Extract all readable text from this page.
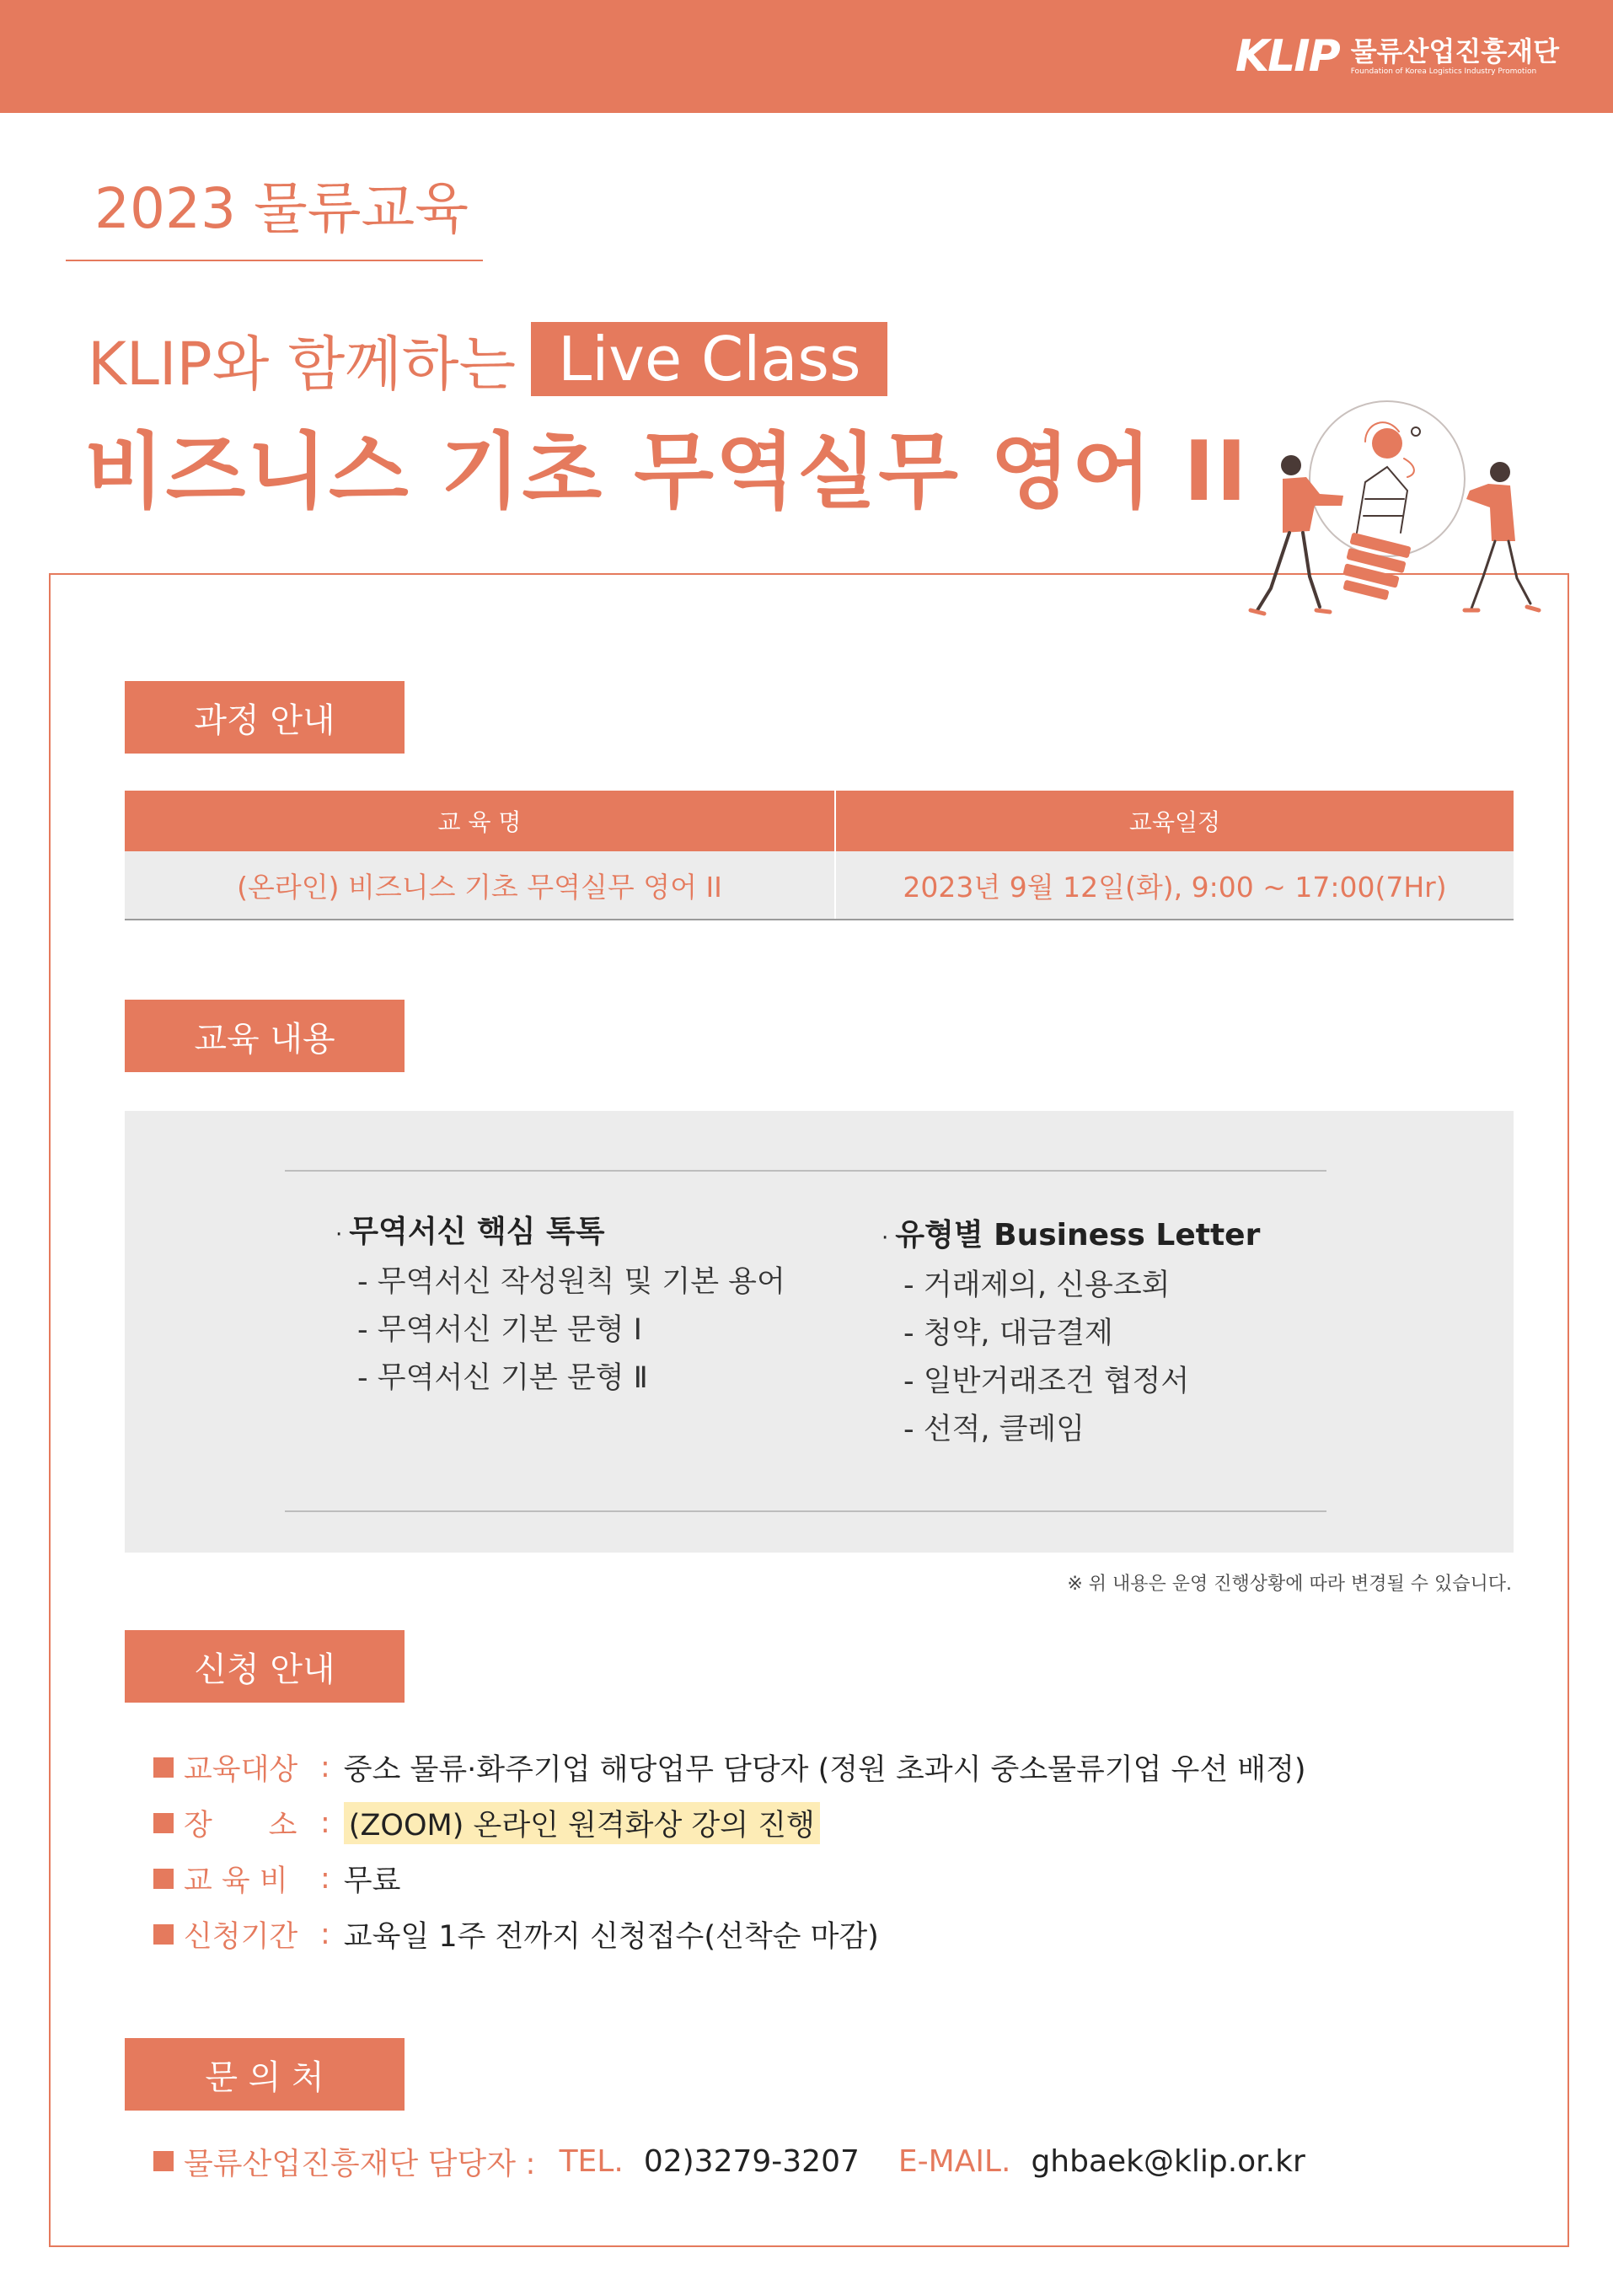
KLIP 물류산업진흥재단
Foundation of Korea Logistics Industry Promotion
2023 물류교육
KLIP와 함께하는 Live Class
비즈니스 기초 무역실무 영어 II
과정 안내
교 육 명	교육일정
(온라인) 비즈니스 기초 무역실무 영어 II	2023년 9월 12일(화), 9:00 ~ 17:00(7Hr)
교육 내용
· 무역서신 핵심 톡톡
- 무역서신 작성원칙 및 기본 용어
- 무역서신 기본 문형 Ⅰ
- 무역서신 기본 문형 Ⅱ
· 유형별 Business Letter
- 거래제의, 신용조회
- 청약, 대금결제
- 일반거래조건 협정서
- 선적, 클레임
※ 위 내용은 운영 진행상황에 따라 변경될 수 있습니다.
신청 안내
교육대상 : 중소 물류·화주기업 해당업무 담당자 (정원 초과시 중소물류기업 우선 배정)
장      소 : (ZOOM) 온라인 원격화상 강의 진행
교 육 비	: 무료
신청기간 : 교육일 1주 전까지 신청접수(선착순 마감)
문 의 처
물류산업진흥재단 담당자 : TEL. 02)3279-3207 E-MAIL. ghbaek@klip.or.kr
